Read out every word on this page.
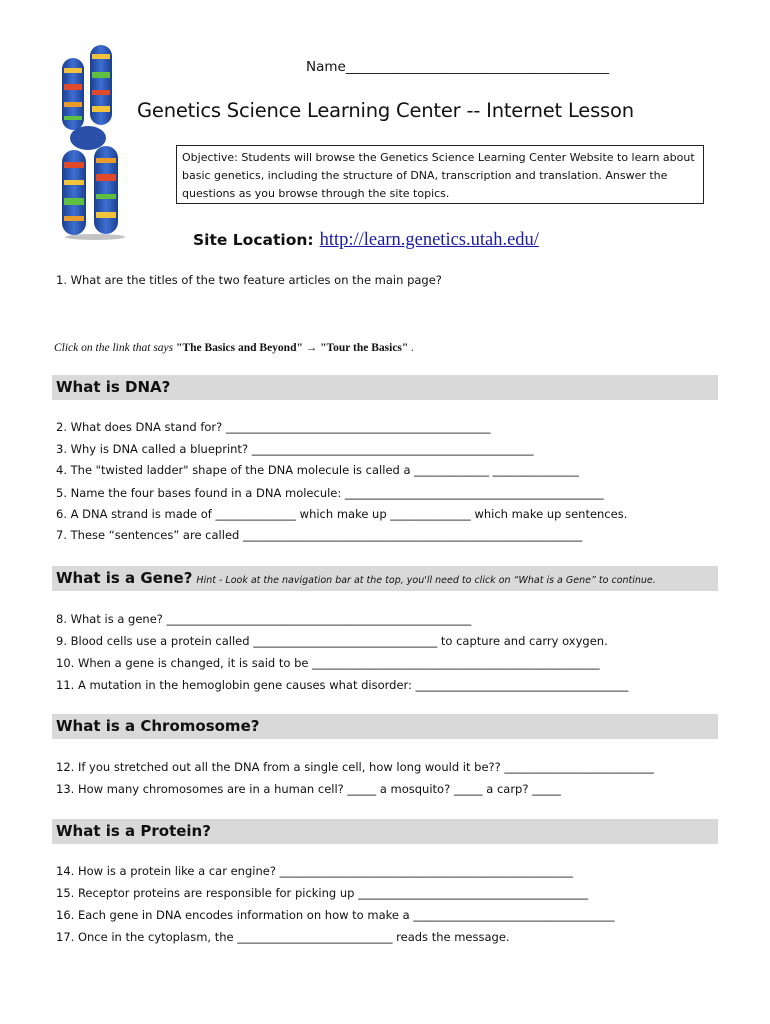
Name_______________________________________
Genetics Science Learning Center -- Internet Lesson
Objective: Students will browse the Genetics Science Learning Center Website to learn about basic genetics, including the structure of DNA, transcription and translation. Answer the questions as you browse through the site topics.
Site Location: http://learn.genetics.utah.edu/
1. What are the titles of the two feature articles on the main page?
Click on the link that says "The Basics and Beyond" → "Tour the Basics" .
What is DNA?
2. What does DNA stand for? ______________________________________________
3. Why is DNA called a blueprint? _________________________________________________
4. The "twisted ladder" shape of the DNA molecule is called a _____________ _______________
5. Name the four bases found in a DNA molecule: _____________________________________________
6. A DNA strand is made of ______________ which make up ______________ which make up sentences.
7. These “sentences” are called ___________________________________________________________
What is a Gene? Hint - Look at the navigation bar at the top, you'll need to click on “What is a Gene” to continue.
8. What is a gene? _____________________________________________________
9. Blood cells use a protein called ________________________________ to capture and carry oxygen.
10. When a gene is changed, it is said to be __________________________________________________
11. A mutation in the hemoglobin gene causes what disorder: _____________________________________
What is a Chromosome?
12. If you stretched out all the DNA from a single cell, how long would it be?? __________________________
13. How many chromosomes are in a human cell? _____ a mosquito? _____ a carp? _____
What is a Protein?
14. How is a protein like a car engine? ___________________________________________________
15. Receptor proteins are responsible for picking up ________________________________________
16. Each gene in DNA encodes information on how to make a ___________________________________
17. Once in the cytoplasm, the ___________________________ reads the message.
